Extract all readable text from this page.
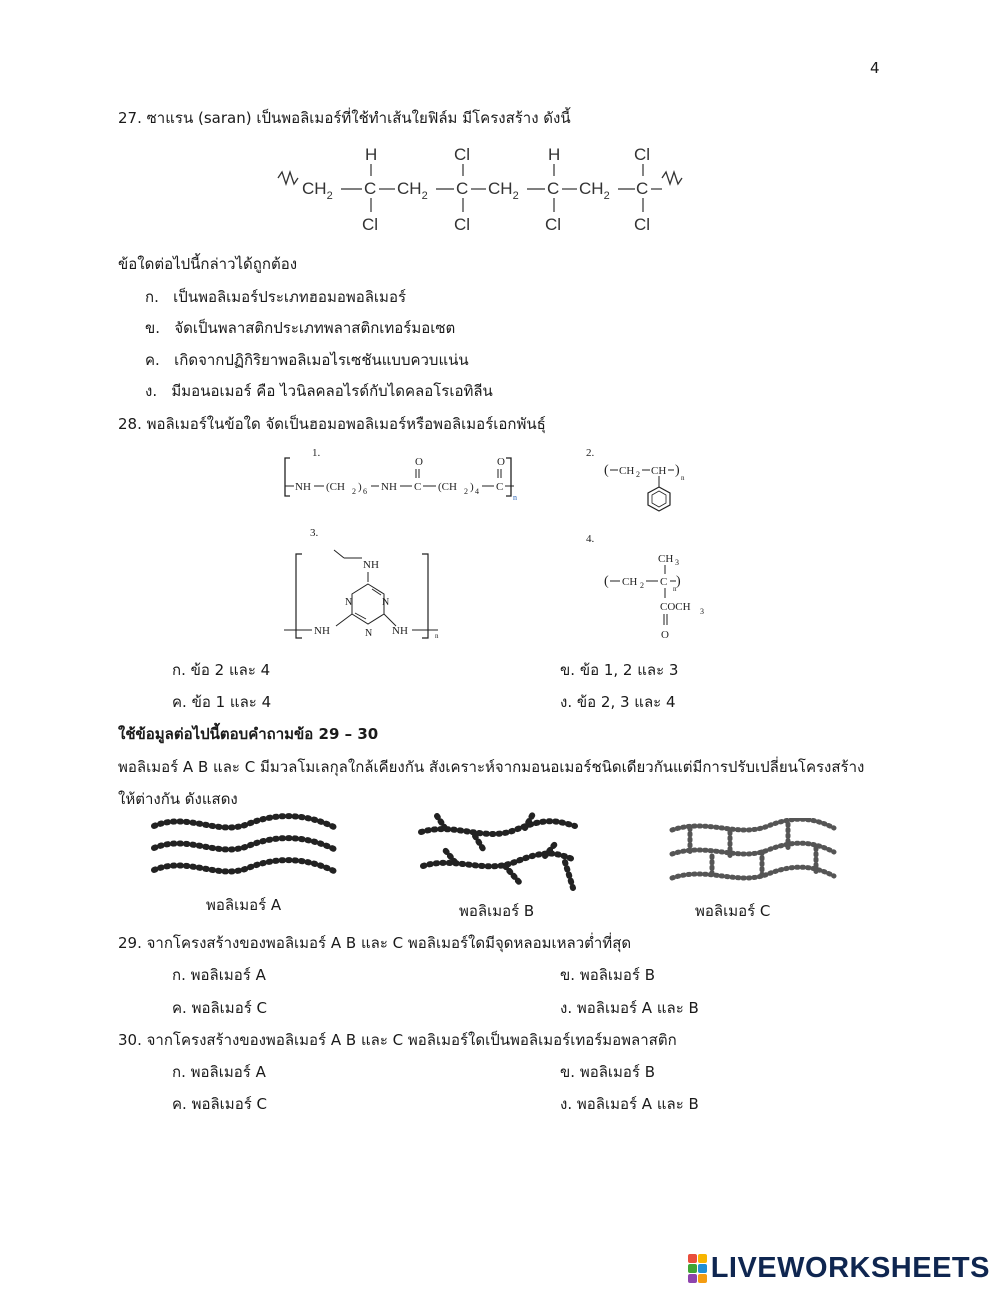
4
27. ซาแรน (saran) เป็นพอลิเมอร์ที่ใช้ทำเส้นใยฟิล์ม มีโครงสร้าง ดังนี้
$CH_2$ C $CH_2$ C $CH_2$ C $CH_2$ C
H	Cl	H	Cl
Cl	Cl	Cl	Cl
ข้อใดต่อไปนี้กล่าวได้ถูกต้อง
ก. เป็นพอลิเมอร์ประเภทฮอมอพอลิเมอร์
ข. จัดเป็นพลาสติกประเภทพลาสติกเทอร์มอเซต
ค. เกิดจากปฏิกิริยาพอลิเมอไรเซชันแบบควบแน่น
ง. มีมอนอเมอร์ คือ ไวนิลคลอไรด์กับไดคลอโรเอทิลีน
28. พอลิเมอร์ในข้อใด จัดเป็นฮอมอพอลิเมอร์หรือพอลิเมอร์เอกพันธุ์
1.
NH (CH 2 ) 6 NH C
O
(CH 2 ) 4 C
O
n
2.
( CH 2 CH ) n
3.
n
NH
N	N
N
NH	NH
4.
CH 3
( CH 2 C )
n
COCH 3
O
ก. ข้อ 2 และ 4	ข. ข้อ 1, 2 และ 3
ค. ข้อ 1 และ 4	ง. ข้อ 2, 3 และ 4
ใช้ข้อมูลต่อไปนี้ตอบคำถามข้อ 29 – 30
พอลิเมอร์ A B และ C มีมวลโมเลกุลใกล้เคียงกัน สังเคราะห์จากมอนอเมอร์ชนิดเดียวกันแต่มีการปรับเปลี่ยนโครงสร้าง
ให้ต่างกัน ดังแสดง
พอลิเมอร์ A	พอลิเมอร์ B	พอลิเมอร์ C
29. จากโครงสร้างของพอลิเมอร์ A B และ C พอลิเมอร์ใดมีจุดหลอมเหลวต่ำที่สุด
ก. พอลิเมอร์ A	ข. พอลิเมอร์ B
ค. พอลิเมอร์ C	ง. พอลิเมอร์ A และ B
30. จากโครงสร้างของพอลิเมอร์ A B และ C พอลิเมอร์ใดเป็นพอลิเมอร์เทอร์มอพลาสติก
ก. พอลิเมอร์ A	ข. พอลิเมอร์ B
ค. พอลิเมอร์ C	ง. พอลิเมอร์ A และ B
LIVEWORKSHEETS
